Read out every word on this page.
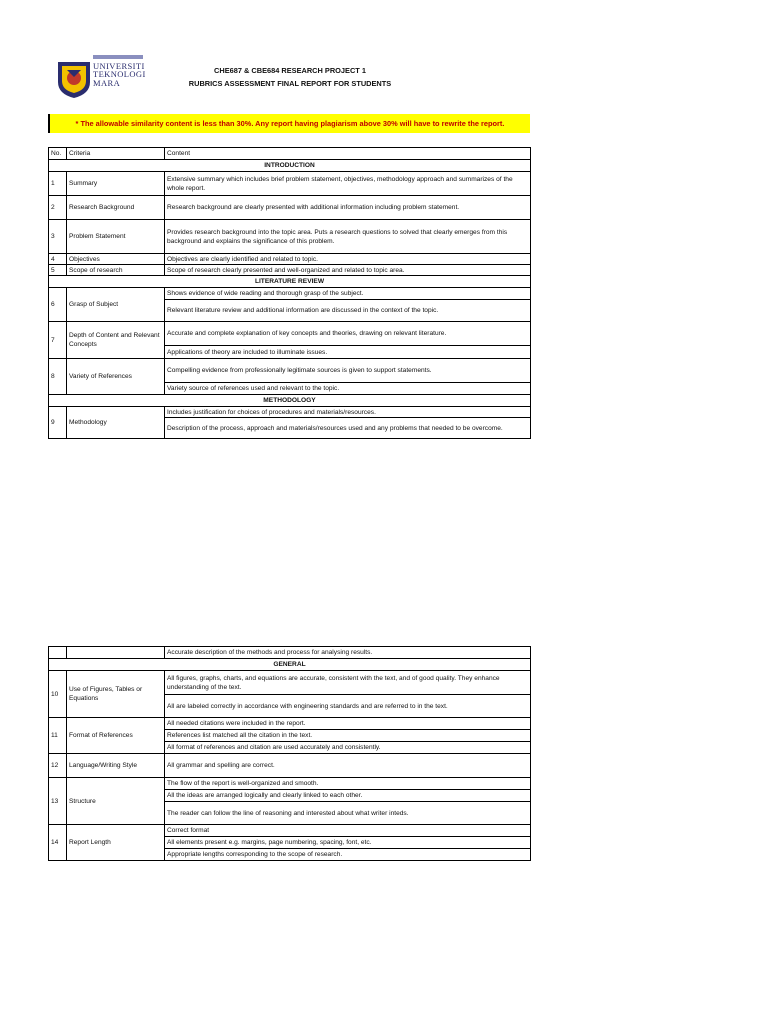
UNIVERSITI
TEKNOLOGI
MARA
CHE687 & CBE684 RESEARCH PROJECT 1
RUBRICS ASSESSMENT FINAL REPORT FOR STUDENTS
* The allowable similarity content is less than 30%. Any report having plagiarism above 30% will have to rewrite the report.
No.	Criteria	Content
INTRODUCTION		
1	Summary	Extensive summary which includes brief problem statement, objectives, methodology approach and summarizes of the whole report.
2	Research Background	Research background are clearly presented with additional information including problem statement.
3	Problem Statement	Provides research background into the topic area. Puts a research questions to solved that clearly emerges from this background and explains the significance of this problem.
4	Objectives	Objectives are clearly identified and related to topic.
5	Scope of research	Scope of research clearly presented and well-organized and related to topic area.
LITERATURE REVIEW		
6	Grasp of Subject	Shows evidence of wide reading and thorough grasp of the subject.
		Relevant literature review and additional information are discussed in the context of the topic.
7	Depth of Content and Relevant Concepts	Accurate and complete explanation of key concepts and theories, drawing on relevant literature.
		Applications of theory are included to illuminate issues.
8	Variety of References	Compelling evidence from professionally legitimate sources is given to support statements.
		Variety source of references used and relevant to the topic.
METHODOLOGY		
9	Methodology	Includes justification for choices of procedures and materials/resources.
		Description of the process, approach and materials/resources used and any problems that needed to be overcome.
		Accurate description of the methods and process for analysing results.
GENERAL		
10	Use of Figures, Tables or Equations	All figures, graphs, charts, and equations are accurate, consistent with the text, and of good quality. They enhance understanding of the text.
		All are labeled correctly in accordance with engineering standards and are referred to in the text.
11	Format of References	All needed citations were included in the report.
		References list matched all the citation in the text.
		All format of references and citation are used accurately and consistently.
12	Language/Writing Style	All grammar and spelling are correct.
13	Structure	The flow of the report is well-organized and smooth.
		All the ideas are arranged logically and clearly linked to each other.
		The reader can follow the line of reasoning and interested about what writer inteds.
14	Report Length	Correct format
		All elements present e.g. margins, page numbering, spacing, font, etc.
		Appropriate lengths corresponding to the scope of research.
